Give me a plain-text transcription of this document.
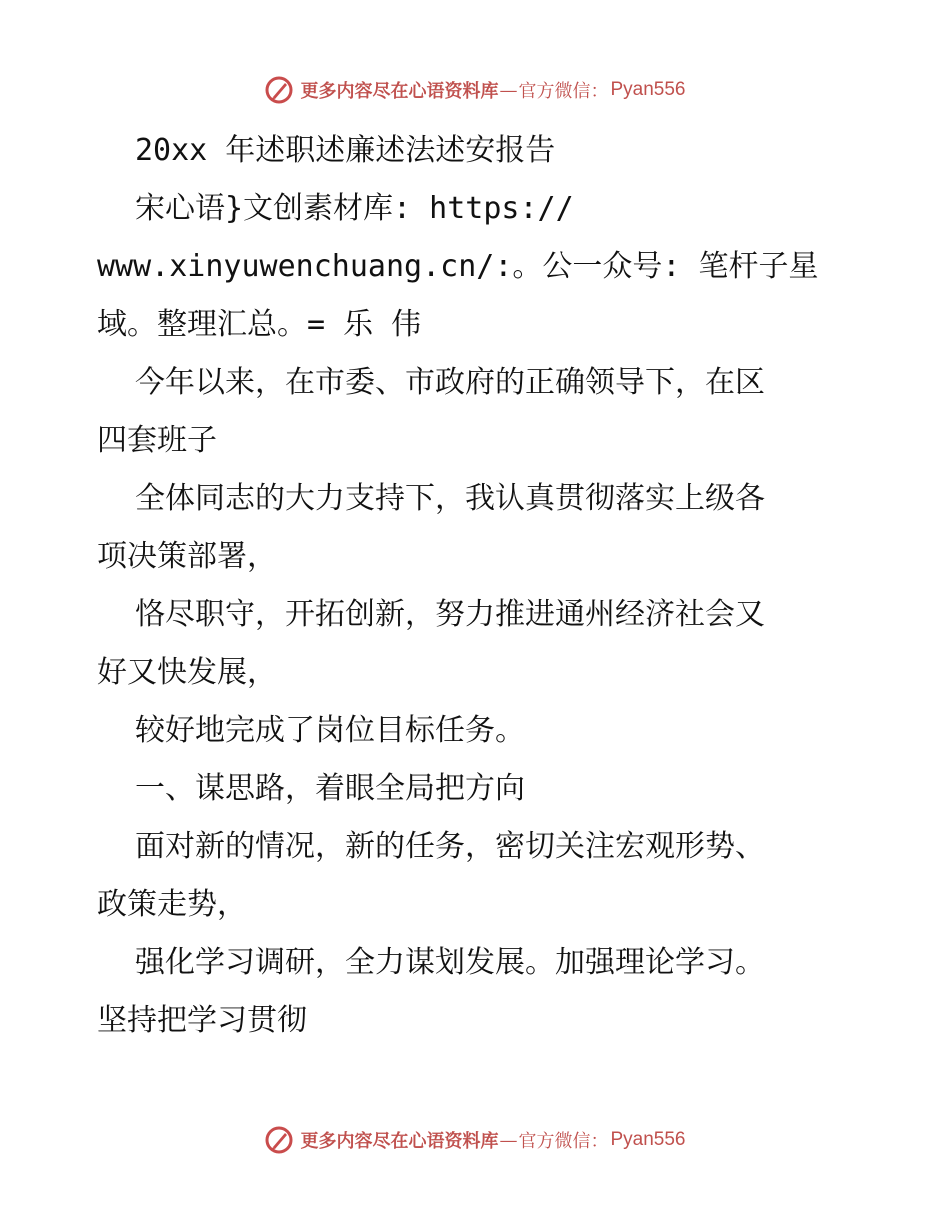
更多内容尽在心语资料库 — 官方微信： Pyan556
20xx 年述职述廉述法述安报告
宋心语}文创素材库: https://
www.xinyuwenchuang.cn/:。公一众号: 笔杆子星
域。整理汇总。= 乐 伟
今年以来，在市委、市政府的正确领导下，在区
四套班子
全体同志的大力支持下，我认真贯彻落实上级各
项决策部署，
恪尽职守，开拓创新，努力推进通州经济社会又
好又快发展，
较好地完成了岗位目标任务。
一、谋思路，着眼全局把方向
面对新的情况，新的任务，密切关注宏观形势、
政策走势，
强化学习调研，全力谋划发展。加强理论学习。
坚持把学习贯彻
更多内容尽在心语资料库 — 官方微信： Pyan556
